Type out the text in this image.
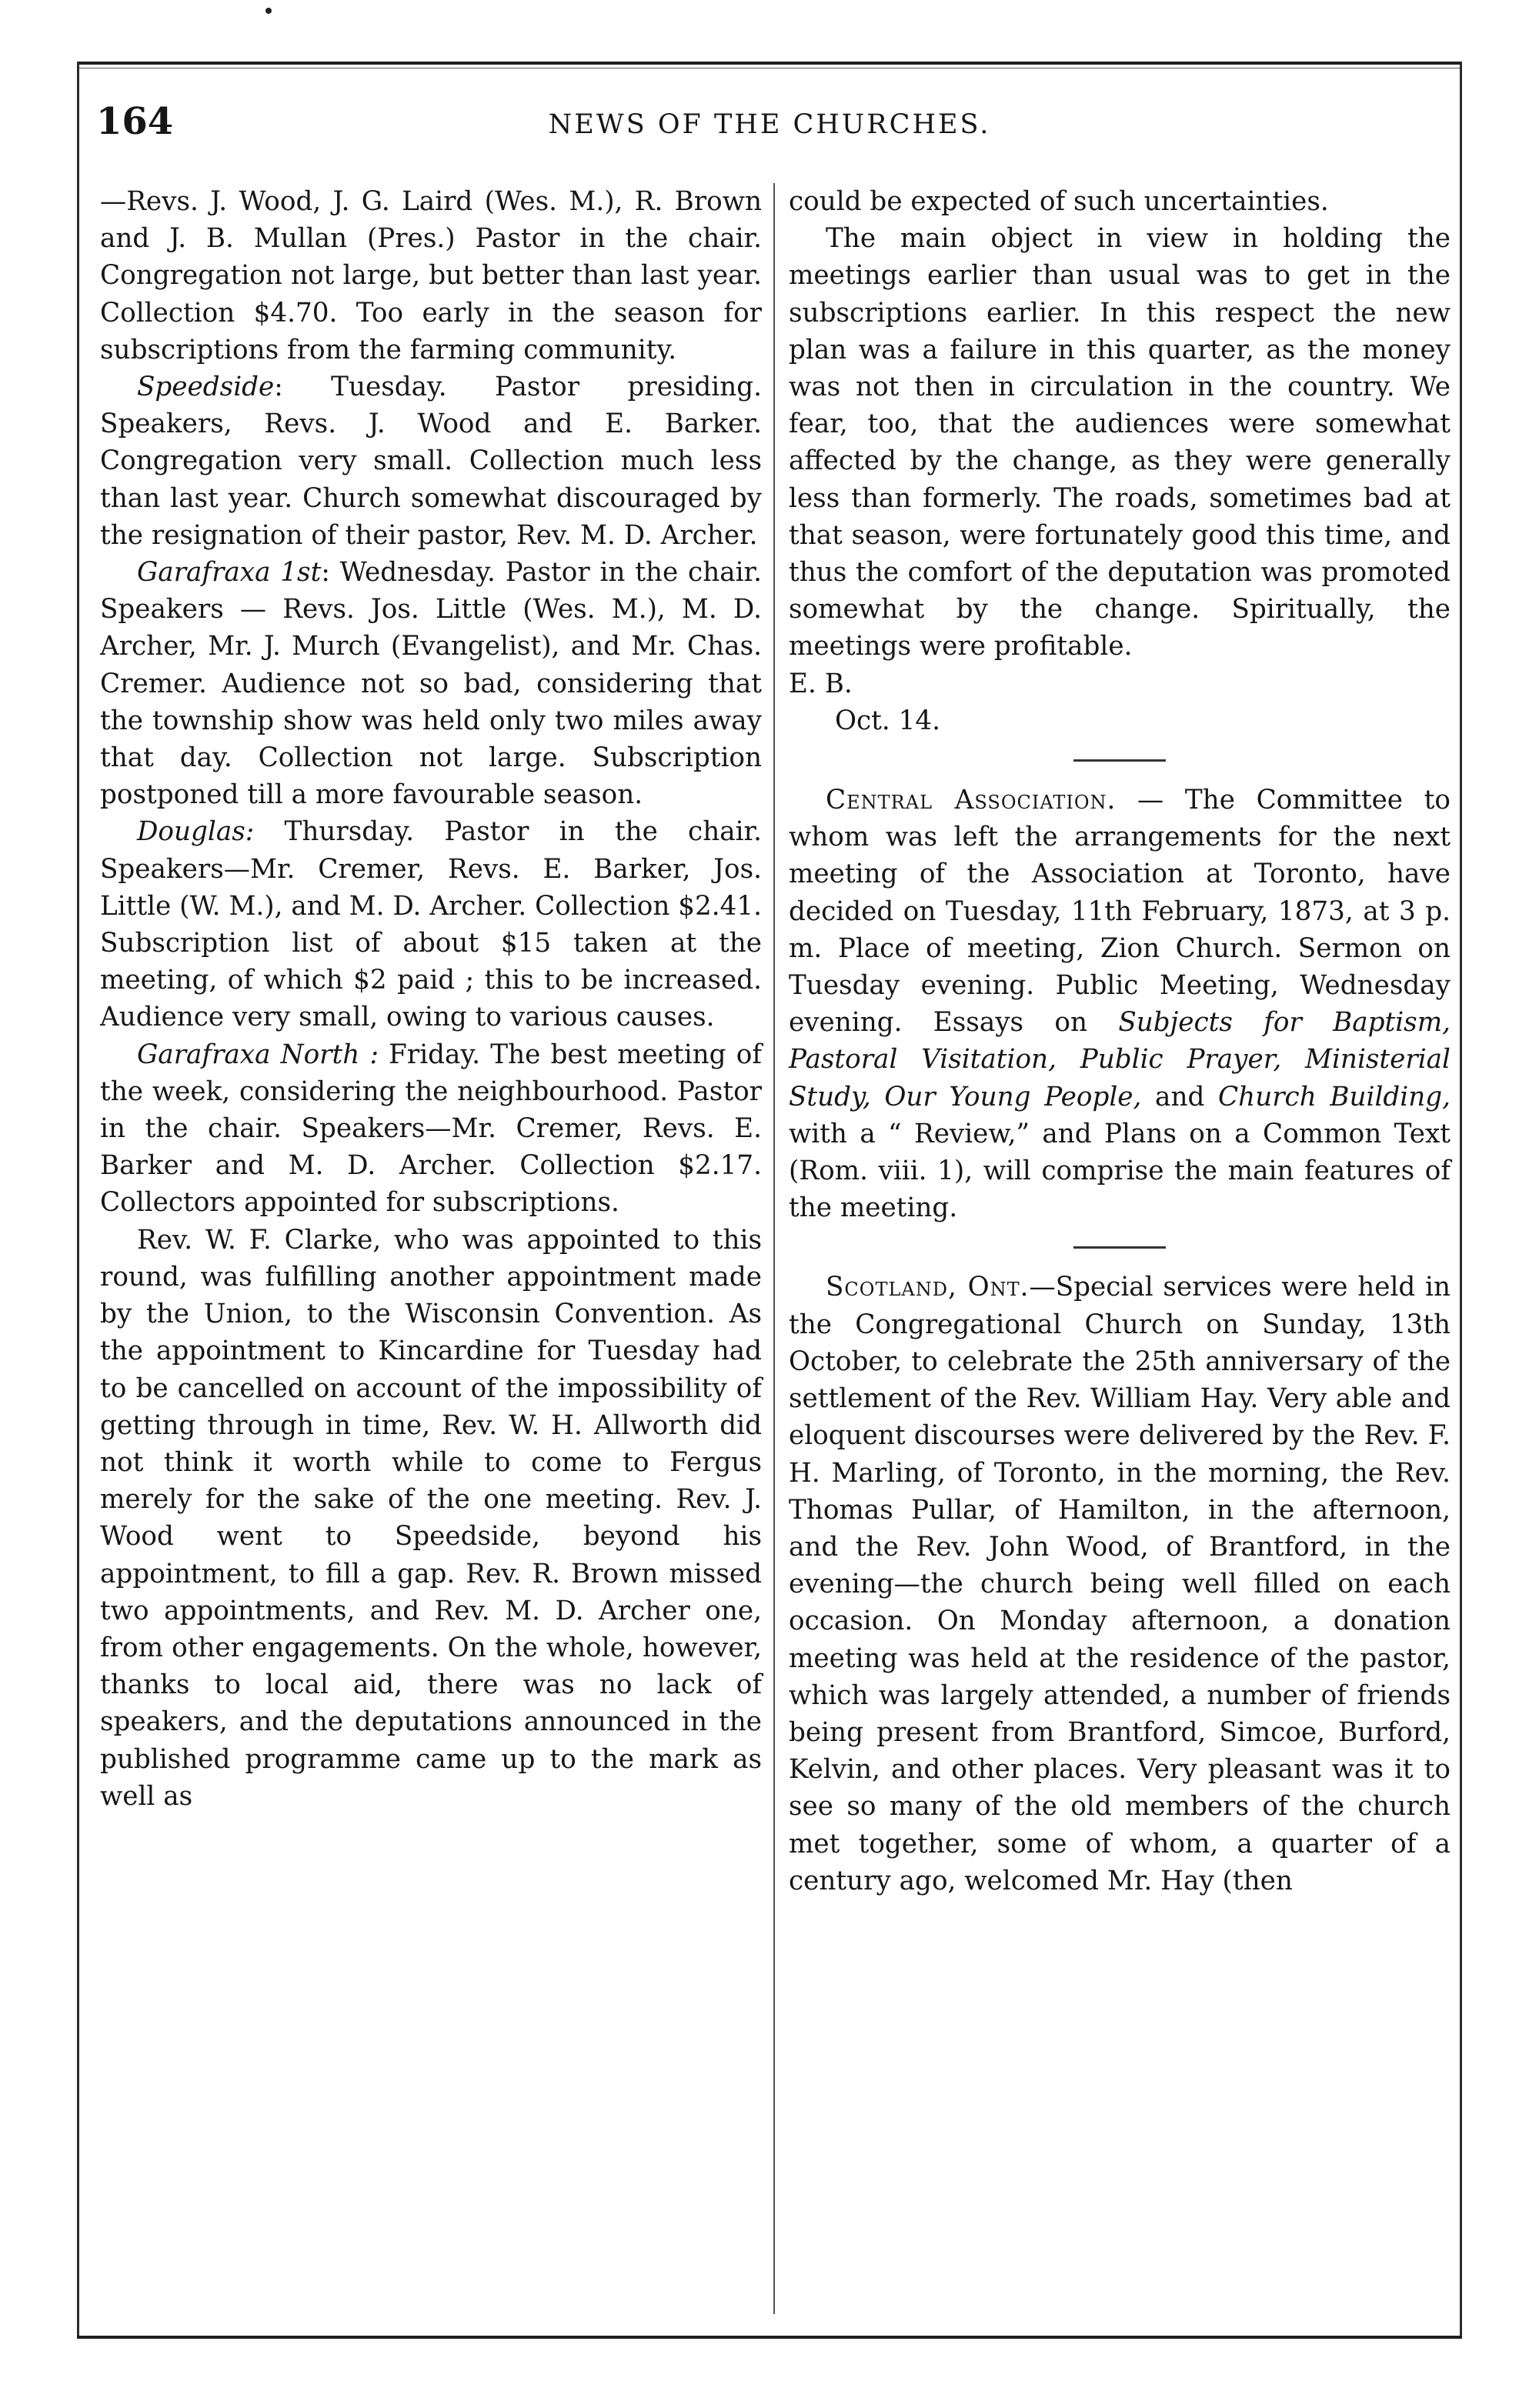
164	NEWS OF THE CHURCHES.

—Revs. J. Wood, J. G. Laird (Wes. M.), R. Brown and J. B. Mullan (Pres.) Pastor in the chair. Congregation not large, but better than last year. Collection $4.70. Too early in the season for subscriptions from the farming community.

Speedside: Tuesday. Pastor presiding. Speakers, Revs. J. Wood and E. Barker. Congregation very small. Collection much less than last year. Church somewhat discouraged by the resignation of their pastor, Rev. M. D. Archer.

Garafraxa 1st: Wednesday. Pastor in the chair. Speakers — Revs. Jos. Little (Wes. M.), M. D. Archer, Mr. J. Murch (Evangelist), and Mr. Chas. Cremer. Audience not so bad, considering that the township show was held only two miles away that day. Collection not large. Subscription postponed till a more favourable season.

Douglas: Thursday. Pastor in the chair. Speakers—Mr. Cremer, Revs. E. Barker, Jos. Little (W. M.), and M. D. Archer. Collection $2.41. Subscription list of about $15 taken at the meeting, of which $2 paid ; this to be increased. Audience very small, owing to various causes.

Garafraxa North : Friday. The best meeting of the week, considering the neighbourhood. Pastor in the chair. Speakers—Mr. Cremer, Revs. E. Barker and M. D. Archer. Collection $2.17. Collectors appointed for subscriptions.

Rev. W. F. Clarke, who was appointed to this round, was fulfilling another appointment made by the Union, to the Wisconsin Convention. As the appointment to Kincardine for Tuesday had to be cancelled on account of the impossibility of getting through in time, Rev. W. H. Allworth did not think it worth while to come to Fergus merely for the sake of the one meeting. Rev. J. Wood went to Speedside, beyond his appointment, to fill a gap. Rev. R. Brown missed two appointments, and Rev. M. D. Archer one, from other engagements. On the whole, however, thanks to local aid, there was no lack of speakers, and the deputations announced in the published programme came up to the mark as well as

could be expected of such uncertainties.

The main object in view in holding the meetings earlier than usual was to get in the subscriptions earlier. In this respect the new plan was a failure in this quarter, as the money was not then in circulation in the country. We fear, too, that the audiences were somewhat affected by the change, as they were generally less than formerly. The roads, sometimes bad at that season, were fortunately good this time, and thus the comfort of the deputation was promoted somewhat by the change. Spiritually, the meetings were profitable.

E. B.

Oct. 14.

Central Association. — The Committee to whom was left the arrangements for the next meeting of the Association at Toronto, have decided on Tuesday, 11th February, 1873, at 3 p. m. Place of meeting, Zion Church. Sermon on Tuesday evening. Public Meeting, Wednesday evening. Essays on Subjects for Baptism, Pastoral Visitation, Public Prayer, Ministerial Study, Our Young People, and Church Building, with a “ Review,” and Plans on a Common Text (Rom. viii. 1), will comprise the main features of the meeting.

Scotland, Ont.—Special services were held in the Congregational Church on Sunday, 13th October, to celebrate the 25th anniversary of the settlement of the Rev. William Hay. Very able and eloquent discourses were delivered by the Rev. F. H. Marling, of Toronto, in the morning, the Rev. Thomas Pullar, of Hamilton, in the afternoon, and the Rev. John Wood, of Brantford, in the evening—the church being well filled on each occasion. On Monday afternoon, a donation meeting was held at the residence of the pastor, which was largely attended, a number of friends being present from Brantford, Simcoe, Burford, Kelvin, and other places. Very pleasant was it to see so many of the old members of the church met together, some of whom, a quarter of a century ago, welcomed Mr. Hay (then
